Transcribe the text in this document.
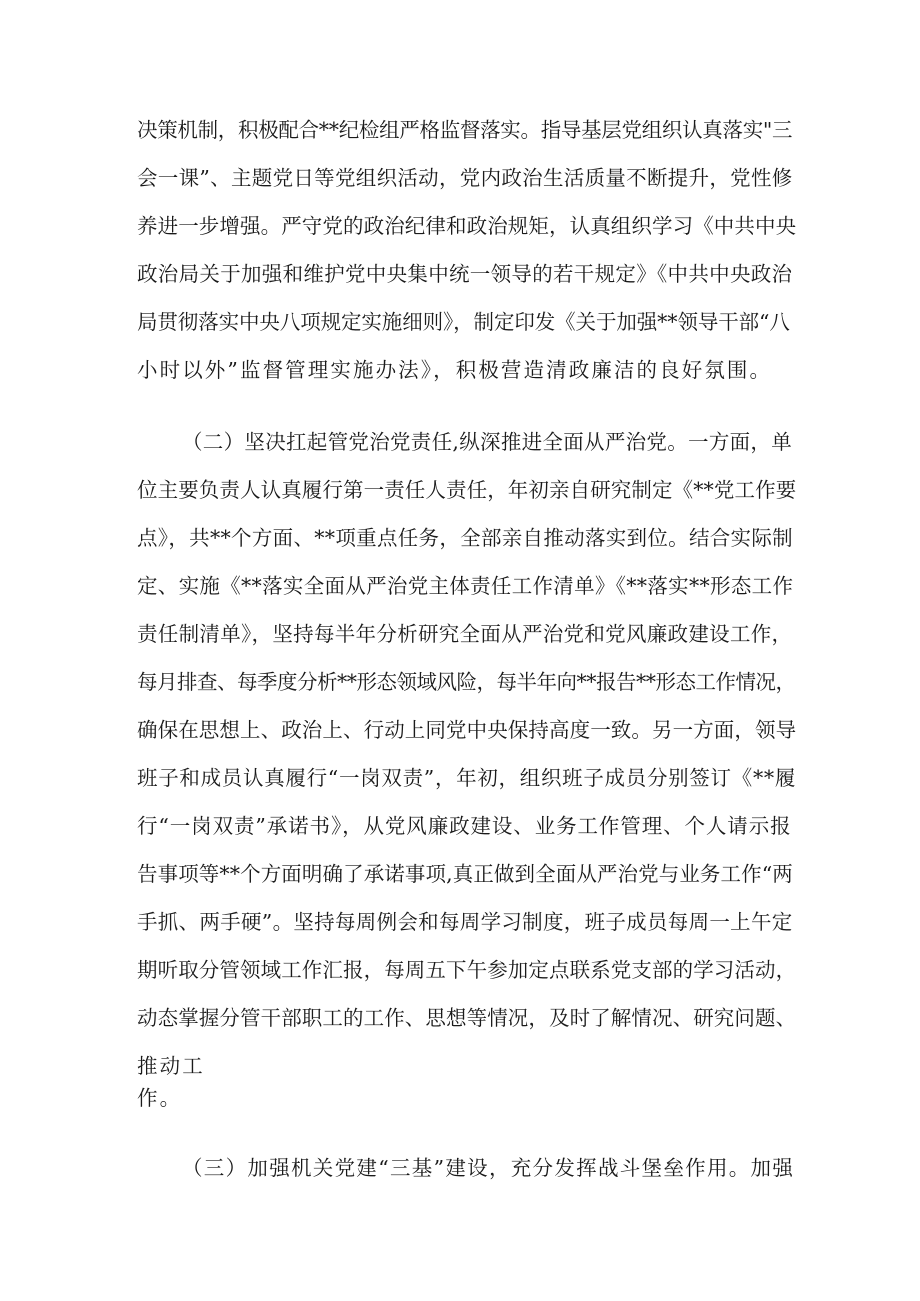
决策机制，积极配合**纪检组严格监督落实。指导基层党组织认真落实"三
会一课”、主题党日等党组织活动，党内政治生活质量不断提升，党性修
养进一步增强。严守党的政治纪律和政治规矩，认真组织学习《中共中央
政治局关于加强和维护党中央集中统一领导的若干规定》《中共中央政治
局贯彻落实中央八项规定实施细则》，制定印发《关于加强**领导干部“八
小时以外”监督管理实施办法》，积极营造清政廉洁的良好氛围。
（二）坚决扛起管党治党责任,纵深推进全面从严治党。一方面，单
位主要负责人认真履行第一责任人责任，年初亲自研究制定《**党工作要
点》，共**个方面、**项重点任务，全部亲自推动落实到位。结合实际制
定、实施《**落实全面从严治党主体责任工作清单》《**落实**形态工作
责任制清单》，坚持每半年分析研究全面从严治党和党风廉政建设工作，
每月排查、每季度分析**形态领域风险，每半年向**报告**形态工作情况，
确保在思想上、政治上、行动上同党中央保持高度一致。另一方面，领导
班子和成员认真履行“一岗双责”，年初，组织班子成员分别签订《**履
行“一岗双责”承诺书》，从党风廉政建设、业务工作管理、个人请示报
告事项等**个方面明确了承诺事项,真正做到全面从严治党与业务工作“两
手抓、两手硬”。坚持每周例会和每周学习制度，班子成员每周一上午定
期听取分管领域工作汇报，每周五下午参加定点联系党支部的学习活动，
动态掌握分管干部职工的工作、思想等情况，及时了解情况、研究问题、
推动工
作。
（三）加强机关党建“三基”建设，充分发挥战斗堡垒作用。加强
